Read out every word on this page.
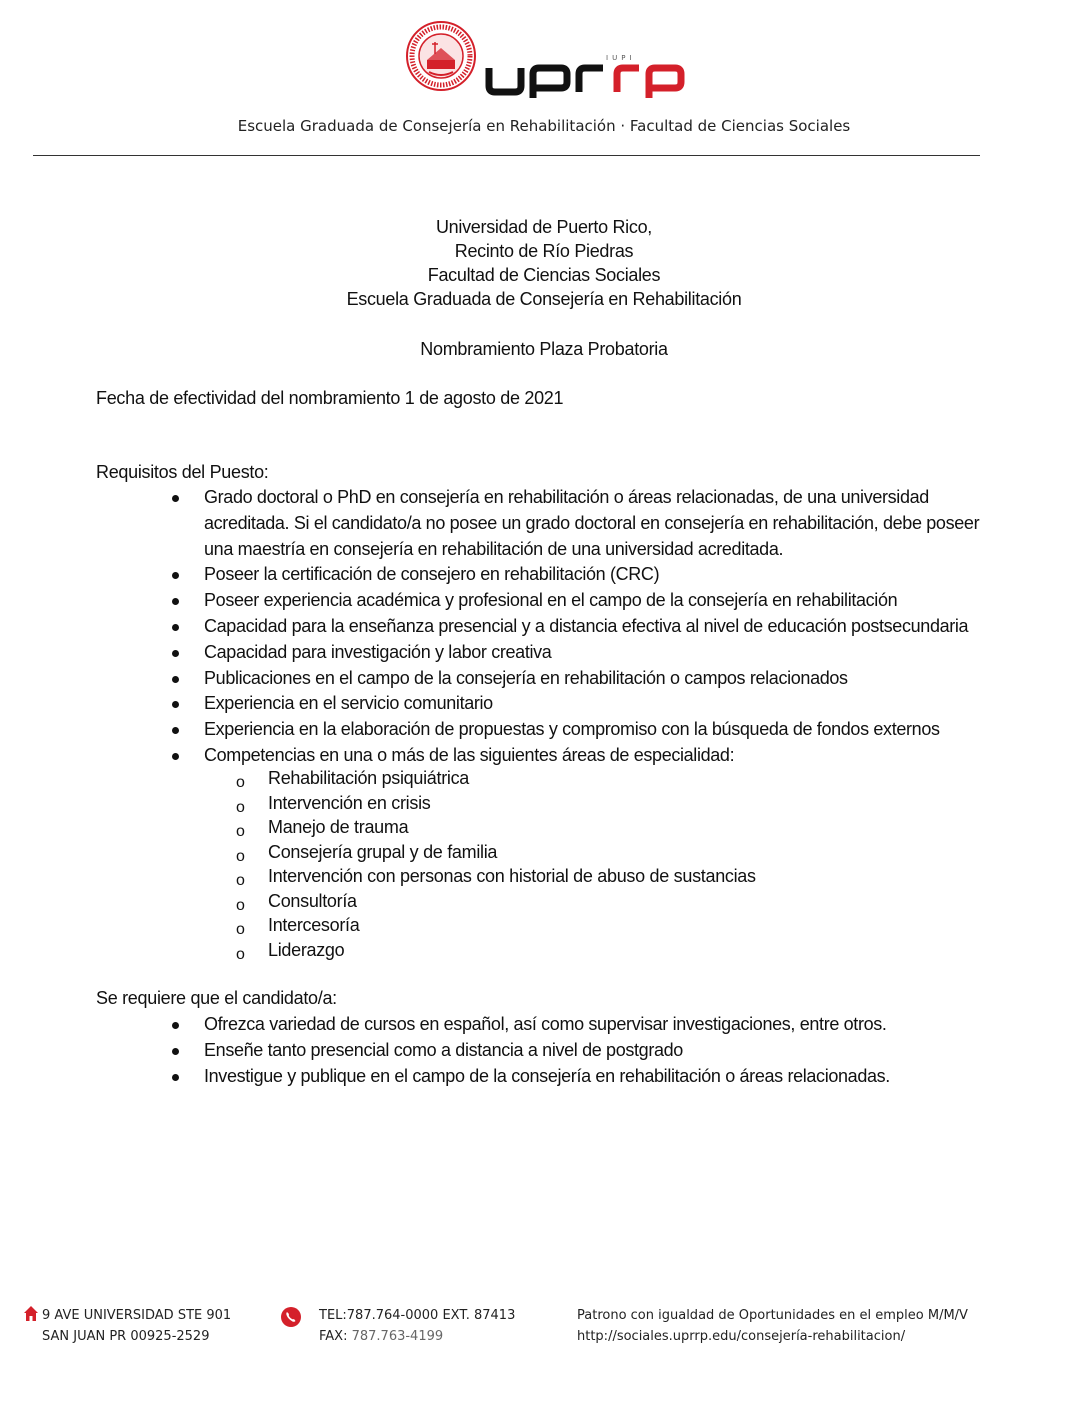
IUPI
Escuela Graduada de Consejería en Rehabilitación · Facultad de Ciencias Sociales
Universidad de Puerto Rico,
Recinto de Río Piedras
Facultad de Ciencias Sociales
Escuela Graduada de Consejería en Rehabilitación
Nombramiento Plaza Probatoria
Fecha de efectividad del nombramiento 1 de agosto de 2021
Requisitos del Puesto:
Grado doctoral o PhD en consejería en rehabilitación o áreas relacionadas, de una universidad acreditada. Si el candidato/a no posee un grado doctoral en consejería en rehabilitación, debe poseer una maestría en consejería en rehabilitación de una universidad acreditada.
Poseer la certificación de consejero en rehabilitación (CRC)
Poseer experiencia académica y profesional en el campo de la consejería en rehabilitación
Capacidad para la enseñanza presencial y a distancia efectiva al nivel de educación postsecundaria
Capacidad para investigación y labor creativa
Publicaciones en el campo de la consejería en rehabilitación o campos relacionados
Experiencia en el servicio comunitario
Experiencia en la elaboración de propuestas y compromiso con la búsqueda de fondos externos
Competencias en una o más de las siguientes áreas de especialidad:
o Rehabilitación psiquiátrica
o Intervención en crisis
o Manejo de trauma
o Consejería grupal y de familia
o Intervención con personas con historial de abuso de sustancias
o Consultoría
o Intercesoría
o Liderazgo
Se requiere que el candidato/a:
Ofrezca variedad de cursos en español, así como supervisar investigaciones, entre otros.
Enseñe tanto presencial como a distancia a nivel de postgrado
Investigue y publique en el campo de la consejería en rehabilitación o áreas relacionadas.
9 AVE UNIVERSIDAD STE 901
SAN JUAN PR 00925-2529
TEL:787.764-0000 EXT. 87413
FAX: 787.763-4199
Patrono con igualdad de Oportunidades en el empleo M/M/V
http://sociales.uprrp.edu/consejería-rehabilitacion/
